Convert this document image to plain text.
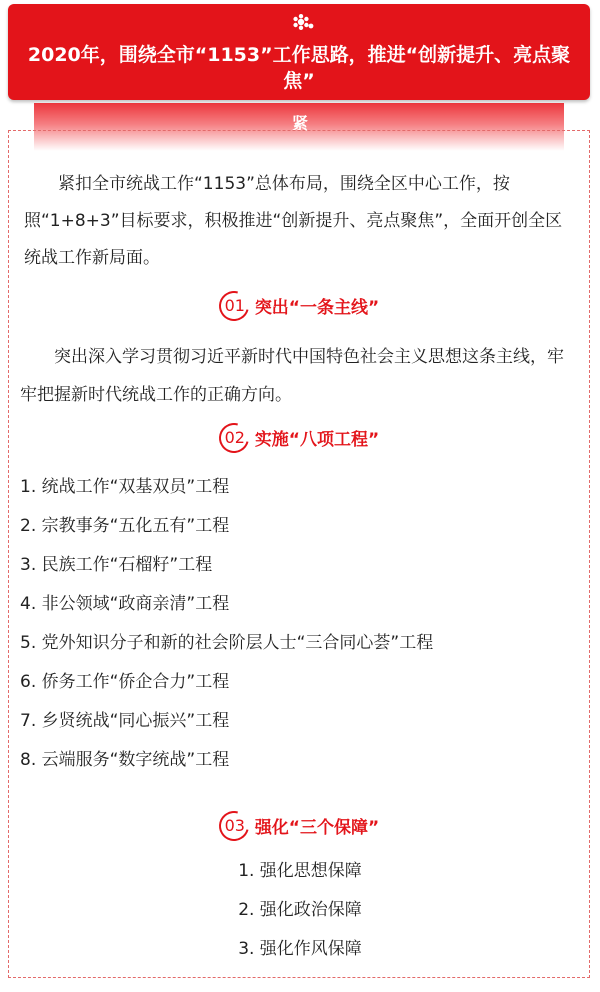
2020年，围绕全市“1153”工作思路，推进“创新提升、亮点聚焦”

紧

紧扣全市统战工作“1153”总体布局，围绕全区中心工作，按照“1+8+3”目标要求，积极推进“创新提升、亮点聚焦”，全面开创全区统战工作新局面。

01 突出“一条主线”

突出深入学习贯彻习近平新时代中国特色社会主义思想这条主线，牢牢把握新时代统战工作的正确方向。

02 实施“八项工程”
1. 统战工作“双基双员”工程
2. 宗教事务“五化五有”工程
3. 民族工作“石榴籽”工程
4. 非公领域“政商亲清”工程
5. 党外知识分子和新的社会阶层人士“三合同心荟”工程
6. 侨务工作“侨企合力”工程
7. 乡贤统战“同心振兴”工程
8. 云端服务“数字统战”工程
03 强化“三个保障”
1. 强化思想保障
2. 强化政治保障
3. 强化作风保障
